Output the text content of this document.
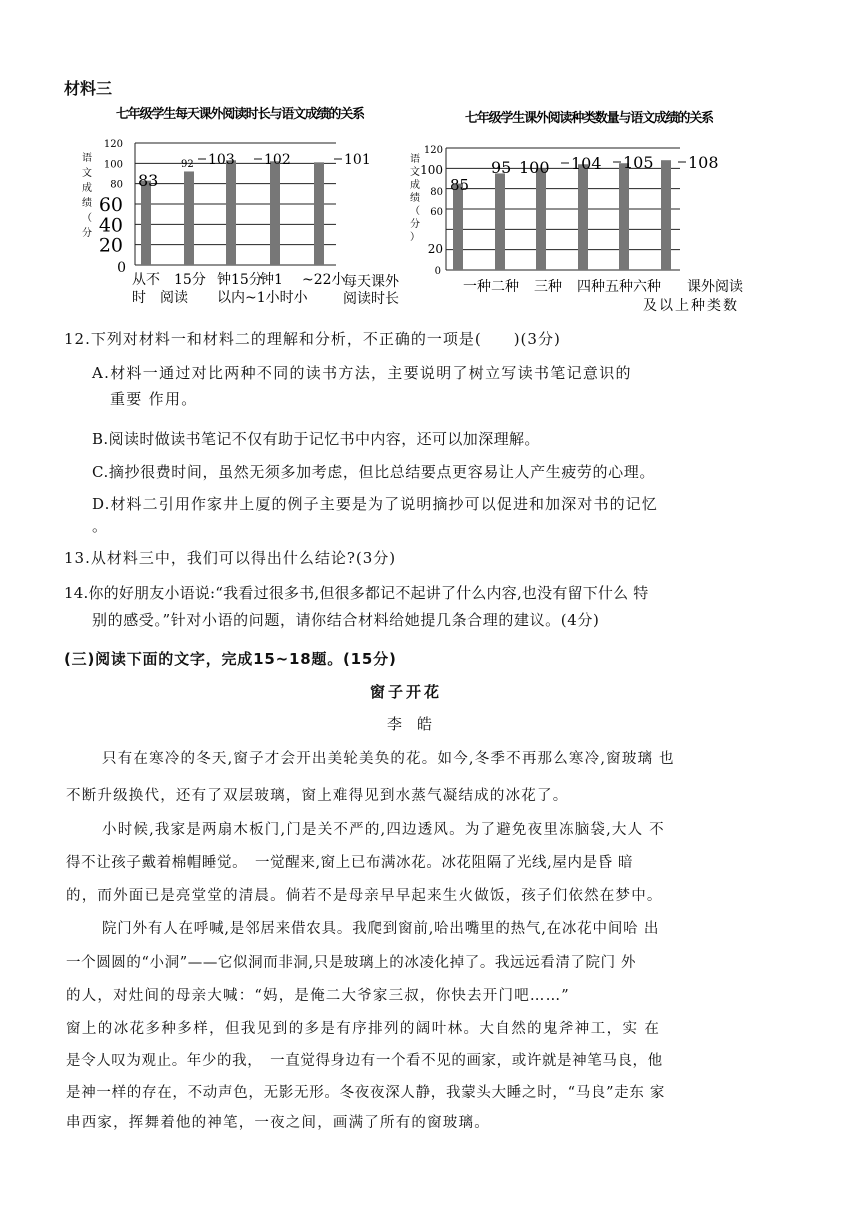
材料三
七年级学生每天课外阅读时长与语文成绩的关系
0
20
40
60
80
100
120
语
文
成
绩
（
分
83
92 103 102	101
从不 15分 钟15分
钟1 ~22小
时　阅读 以内~1小时小
每天课外
阅读时长
七年级学生课外阅读种类数量与语文成绩的关系
0
20
60
80
100
120
语
文
成
绩
（
分
）
85
95 100 104 105 108
一种二种 三种 四种五种六种 课外阅读
及以上种类数
12.下列对材料一和材料二的理解和分析，不正确的一项是(　　)(3分)
A.材料一通过对比两种不同的读书方法，主要说明了树立写读书笔记意识的
重要 作用。
B.阅读时做读书笔记不仅有助于记忆书中内容，还可以加深理解。
C.摘抄很费时间，虽然无须多加考虑，但比总结要点更容易让人产生疲劳的心理。
D.材料二引用作家井上厦的例子主要是为了说明摘抄可以促进和加深对书的记忆
。
13.从材料三中，我们可以得出什么结论?(3分)
14.你的好朋友小语说:“我看过很多书,但很多都记不起讲了什么内容,也没有留下什么 特
别的感受。”针对小语的问题，请你结合材料给她提几条合理的建议。(4分)
(三)阅读下面的文字，完成15~18题。(15分)
窗子开花
李　皓
只有在寒冷的冬天,窗子才会开出美轮美奂的花。如今,冬季不再那么寒冷,窗玻璃 也
不断升级换代，还有了双层玻璃，窗上难得见到水蒸气凝结成的冰花了。
小时候,我家是两扇木板门,门是关不严的,四边透风。为了避免夜里冻脑袋,大人 不
得不让孩子戴着棉帽睡觉。　一觉醒来,窗上已布满冰花。冰花阻隔了光线,屋内是昏 暗
的，而外面已是亮堂堂的清晨。倘若不是母亲早早起来生火做饭，孩子们依然在梦中。
院门外有人在呼喊,是邻居来借农具。我爬到窗前,哈出嘴里的热气,在冰花中间哈 出
一个圆圆的“小洞”——它似洞而非洞,只是玻璃上的冰凌化掉了。我远远看清了院门 外
的人，对灶间的母亲大喊：“妈，是俺二大爷家三叔，你快去开门吧……”
窗上的冰花多种多样，但我见到的多是有序排列的阔叶林。大自然的鬼斧神工，实 在
是令人叹为观止。年少的我，　一直觉得身边有一个看不见的画家，或许就是神笔马良，他
是神一样的存在，不动声色，无影无形。冬夜夜深人静，我蒙头大睡之时，“马良”走东 家
串西家，挥舞着他的神笔，一夜之间，画满了所有的窗玻璃。
